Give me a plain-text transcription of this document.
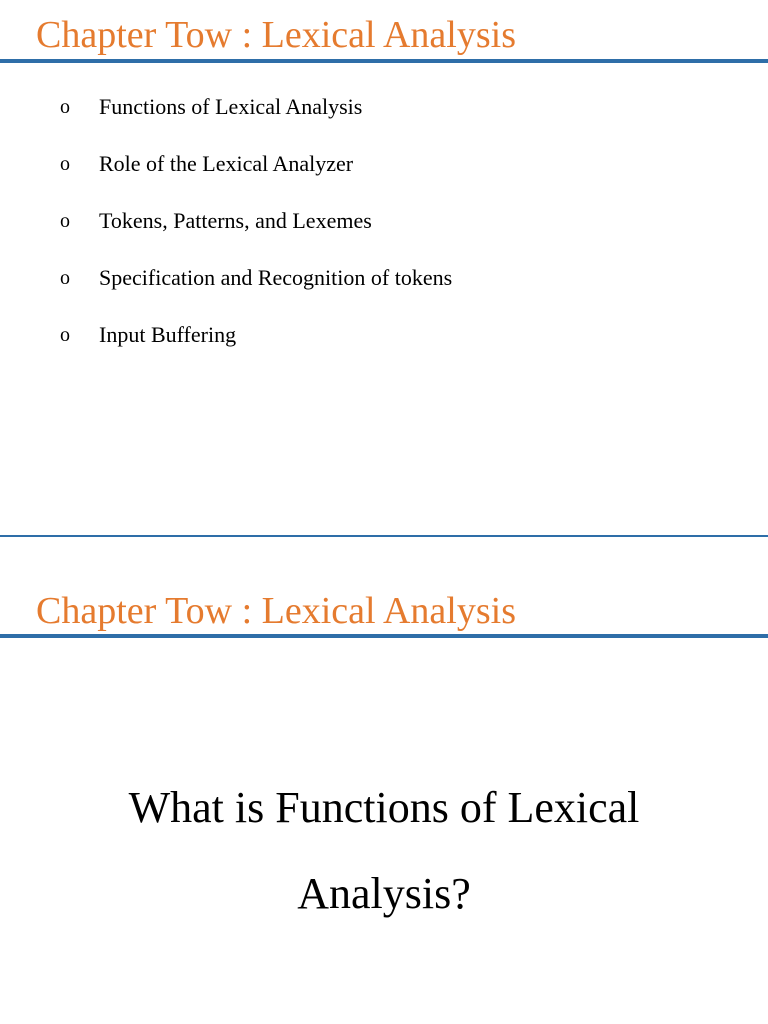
Chapter Tow : Lexical Analysis
o Functions of Lexical Analysis
o Role of the Lexical Analyzer
o Tokens, Patterns, and Lexemes
o Specification and Recognition of tokens
o Input Buffering
Chapter Tow : Lexical Analysis
What is Functions of Lexical
Analysis?
